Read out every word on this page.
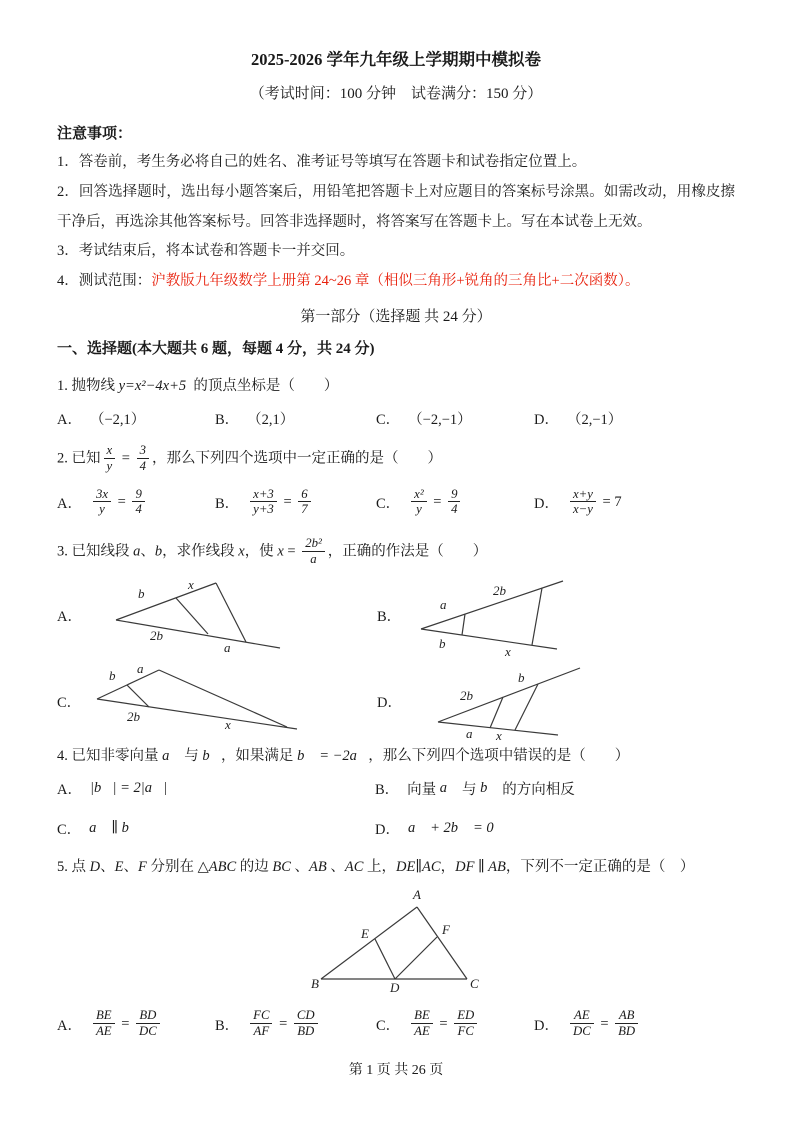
2025-2026 学年九年级上学期期中模拟卷
（考试时间：100 分钟　试卷满分：150 分）
注意事项：

1．答卷前，考生务必将自己的姓名、准考证号等填写在答题卡和试卷指定位置上。

2．回答选择题时，选出每小题答案后，用铅笔把答题卡上对应题目的答案标号涂黑。如需改动，用橡皮擦干净后，再选涂其他答案标号。回答非选择题时，将答案写在答题卡上。写在本试卷上无效。

3．考试结束后，将本试卷和答题卡一并交回。

4．测试范围：沪教版九年级数学上册第 24~26 章（相似三角形+锐角的三角比+二次函数）。

第一部分（选择题 共 24 分）
一、选择题(本大题共 6 题，每题 4 分，共 24 分)
1. 抛物线 y=x²−4x+5  的顶点坐标是（　　）
A． （−2,1）	B． （2,1）	C． （−2,−1）	D． （2,−1）
2. 已知 $\frac{x}{y} = \frac{3}{4}$ ，那么下列四个选项中一定正确的是（　　）
A． $\frac{3x}{y} = \frac{9}{4}$	B． $\frac{x+3}{y+3} = \frac{6}{7}$	C． $\frac{\text{x²}}{y} = \frac{9}{4}$	D． $\frac{x+y}{x-y} = 7$
3. 已知线段 a、b，求作线段 x，使 $x = \frac{\text{2b²}}{a}$ ，正确的作法是（　　）
A．
b
x
2b
a
B．
a
2b
b
x
C．
b a
2b
x
D．	2b
b
a x
4. 已知非零向量 a⃗ 与 b⃗，如果满足 b⃗ = −2a⃗，那么下列四个选项中错误的是（　　）
A． |b⃗| = 2|a⃗|	B． 向量 a⃗ 与 b⃗ 的方向相反
C． a⃗ ∥ b⃗	D． a⃗ + 2b⃗ = 0
5. 点 D、E、F 分别在 △ABC 的边 BC 、AB 、AC 上，DE∥AC，DF ∥ AB，下列不一定正确的是（　）
A
B	C
D
E	F
A． $\frac{BE}{AE} = \frac{BD}{DC}$	B． $\frac{FC}{AF} = \frac{CD}{BD}$	C． $\frac{BE}{AE} = \frac{ED}{FC}$	D． $\frac{AE}{DC} = \frac{AB}{BD}$
第 1 页 共 26 页
